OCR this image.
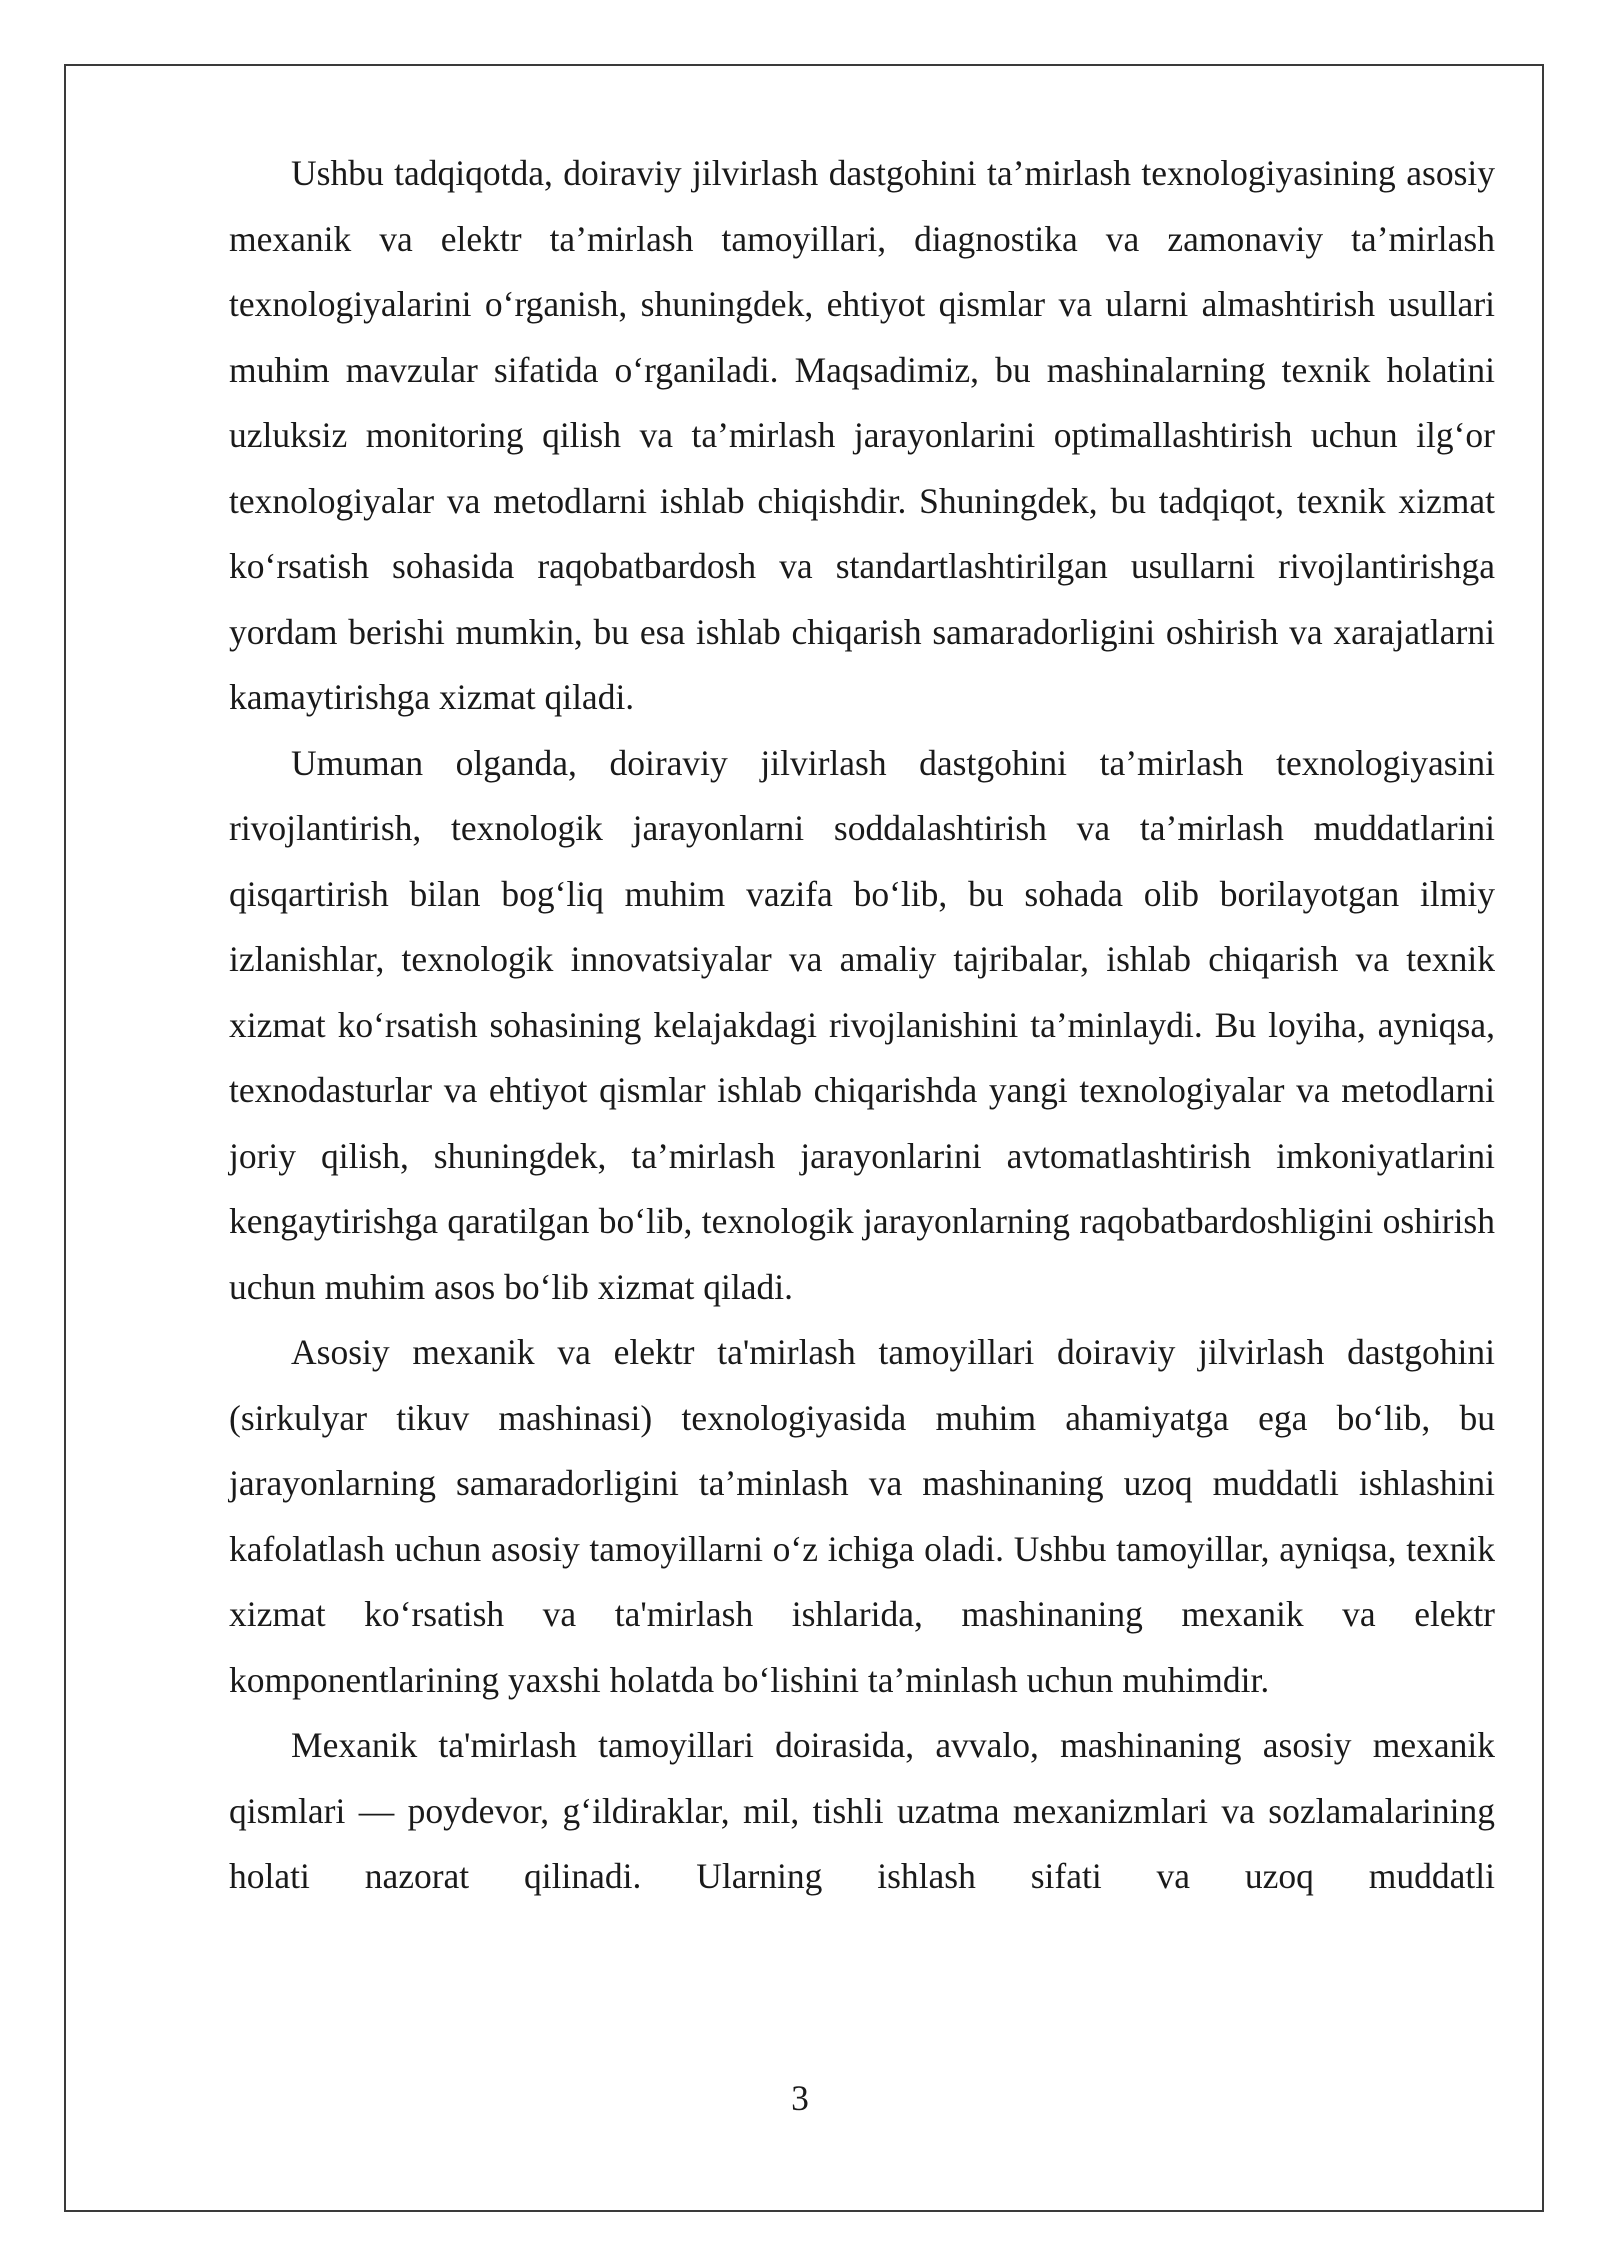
Ushbu tadqiqotda, doiraviy jilvirlash dastgohini ta’mirlash texnologiyasining asosiy mexanik va elektr ta’mirlash tamoyillari, diagnostika va zamonaviy ta’mirlash texnologiyalarini o‘rganish, shuningdek, ehtiyot qismlar va ularni almashtirish usullari muhim mavzular sifatida o‘rganiladi. Maqsadimiz, bu mashinalarning texnik holatini uzluksiz monitoring qilish va ta’mirlash jarayonlarini optimallashtirish uchun ilg‘or texnologiyalar va metodlarni ishlab chiqishdir. Shuningdek, bu tadqiqot, texnik xizmat ko‘rsatish sohasida raqobatbardosh va standartlashtirilgan usullarni rivojlantirishga yordam berishi mumkin, bu esa ishlab chiqarish samaradorligini oshirish va xarajatlarni kamaytirishga xizmat qiladi.

Umuman olganda, doiraviy jilvirlash dastgohini ta’mirlash texnologiyasini rivojlantirish, texnologik jarayonlarni soddalashtirish va ta’mirlash muddatlarini qisqartirish bilan bog‘liq muhim vazifa bo‘lib, bu sohada olib borilayotgan ilmiy izlanishlar, texnologik innovatsiyalar va amaliy tajribalar, ishlab chiqarish va texnik xizmat ko‘rsatish sohasining kelajakdagi rivojlanishini ta’minlaydi. Bu loyiha, ayniqsa, texnodasturlar va ehtiyot qismlar ishlab chiqarishda yangi texnologiyalar va metodlarni joriy qilish, shuningdek, ta’mirlash jarayonlarini avtomatlashtirish imkoniyatlarini kengaytirishga qaratilgan bo‘lib, texnologik jarayonlarning raqobatbardoshligini oshirish uchun muhim asos bo‘lib xizmat qiladi.

Asosiy mexanik va elektr ta'mirlash tamoyillari doiraviy jilvirlash dastgohini (sirkulyar tikuv mashinasi) texnologiyasida muhim ahamiyatga ega bo‘lib, bu jarayonlarning samaradorligini ta’minlash va mashinaning uzoq muddatli ishlashini kafolatlash uchun asosiy tamoyillarni o‘z ichiga oladi. Ushbu tamoyillar, ayniqsa, texnik xizmat ko‘rsatish va ta'mirlash ishlarida, mashinaning mexanik va elektr komponentlarining yaxshi holatda bo‘lishini ta’minlash uchun muhimdir.

Mexanik ta'mirlash tamoyillari doirasida, avvalo, mashinaning asosiy mexanik qismlari — poydevor, g‘ildiraklar, mil, tishli uzatma mexanizmlari va sozlamalarining holati nazorat qilinadi. Ularning ishlash sifati va uzoq muddatli

3
